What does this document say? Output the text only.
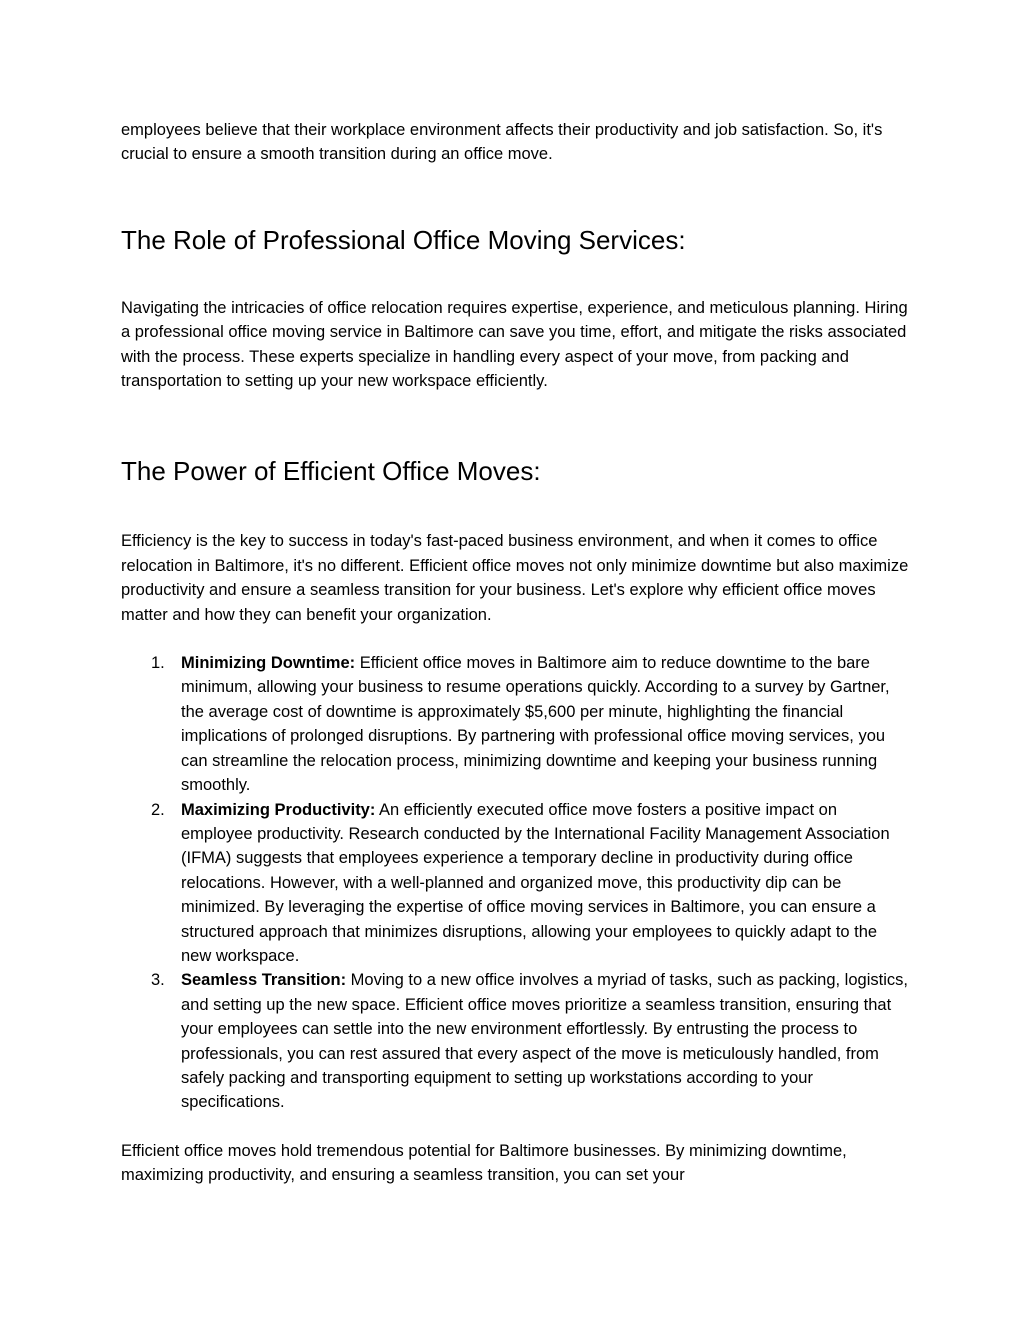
employees believe that their workplace environment affects their productivity and job satisfaction. So, it's crucial to ensure a smooth transition during an office move.

The Role of Professional Office Moving Services:

Navigating the intricacies of office relocation requires expertise, experience, and meticulous planning. Hiring a professional office moving service in Baltimore can save you time, effort, and mitigate the risks associated with the process. These experts specialize in handling every aspect of your move, from packing and transportation to setting up your new workspace efficiently.

The Power of Efficient Office Moves:

Efficiency is the key to success in today's fast-paced business environment, and when it comes to office relocation in Baltimore, it's no different. Efficient office moves not only minimize downtime but also maximize productivity and ensure a seamless transition for your business. Let's explore why efficient office moves matter and how they can benefit your organization.

1. Minimizing Downtime: Efficient office moves in Baltimore aim to reduce downtime to the bare minimum, allowing your business to resume operations quickly. According to a survey by Gartner, the average cost of downtime is approximately $5,600 per minute, highlighting the financial implications of prolonged disruptions. By partnering with professional office moving services, you can streamline the relocation process, minimizing downtime and keeping your business running smoothly.
2. Maximizing Productivity: An efficiently executed office move fosters a positive impact on employee productivity. Research conducted by the International Facility Management Association (IFMA) suggests that employees experience a temporary decline in productivity during office relocations. However, with a well-planned and organized move, this productivity dip can be minimized. By leveraging the expertise of office moving services in Baltimore, you can ensure a structured approach that minimizes disruptions, allowing your employees to quickly adapt to the new workspace.
3. Seamless Transition: Moving to a new office involves a myriad of tasks, such as packing, logistics, and setting up the new space. Efficient office moves prioritize a seamless transition, ensuring that your employees can settle into the new environment effortlessly. By entrusting the process to professionals, you can rest assured that every aspect of the move is meticulously handled, from safely packing and transporting equipment to setting up workstations according to your specifications.

Efficient office moves hold tremendous potential for Baltimore businesses. By minimizing downtime, maximizing productivity, and ensuring a seamless transition, you can set your
